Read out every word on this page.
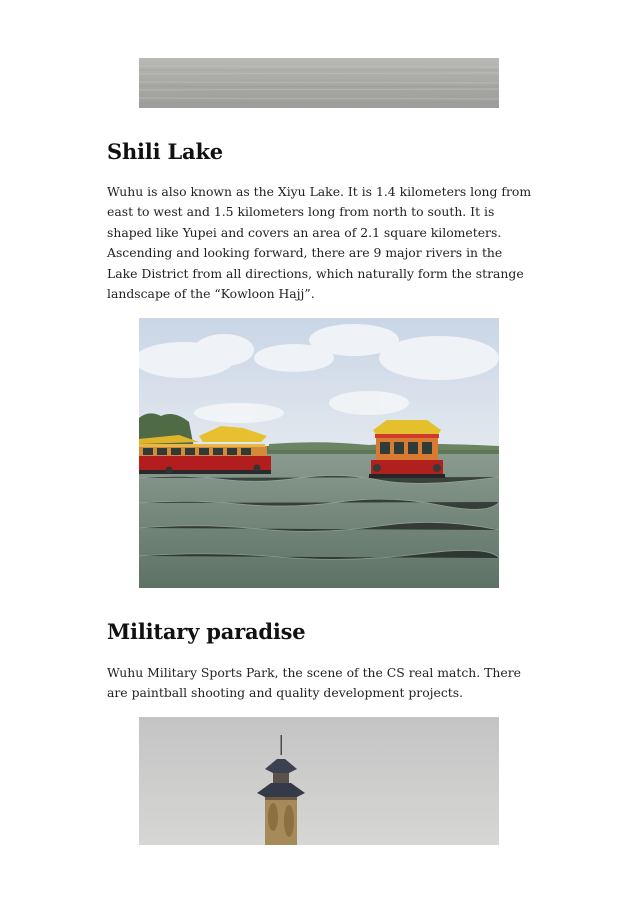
Shili Lake

Wuhu is also known as the Xiyu Lake. It is 1.4 kilometers long from east to west and 1.5 kilometers long from north to south. It is shaped like Yupei and covers an area of 2.1 square kilometers. Ascending and looking forward, there are 9 major rivers in the Lake District from all directions, which naturally form the strange landscape of the “Kowloon Hajj”.

Military paradise

Wuhu Military Sports Park, the scene of the CS real match. There are paintball shooting and quality development projects.
